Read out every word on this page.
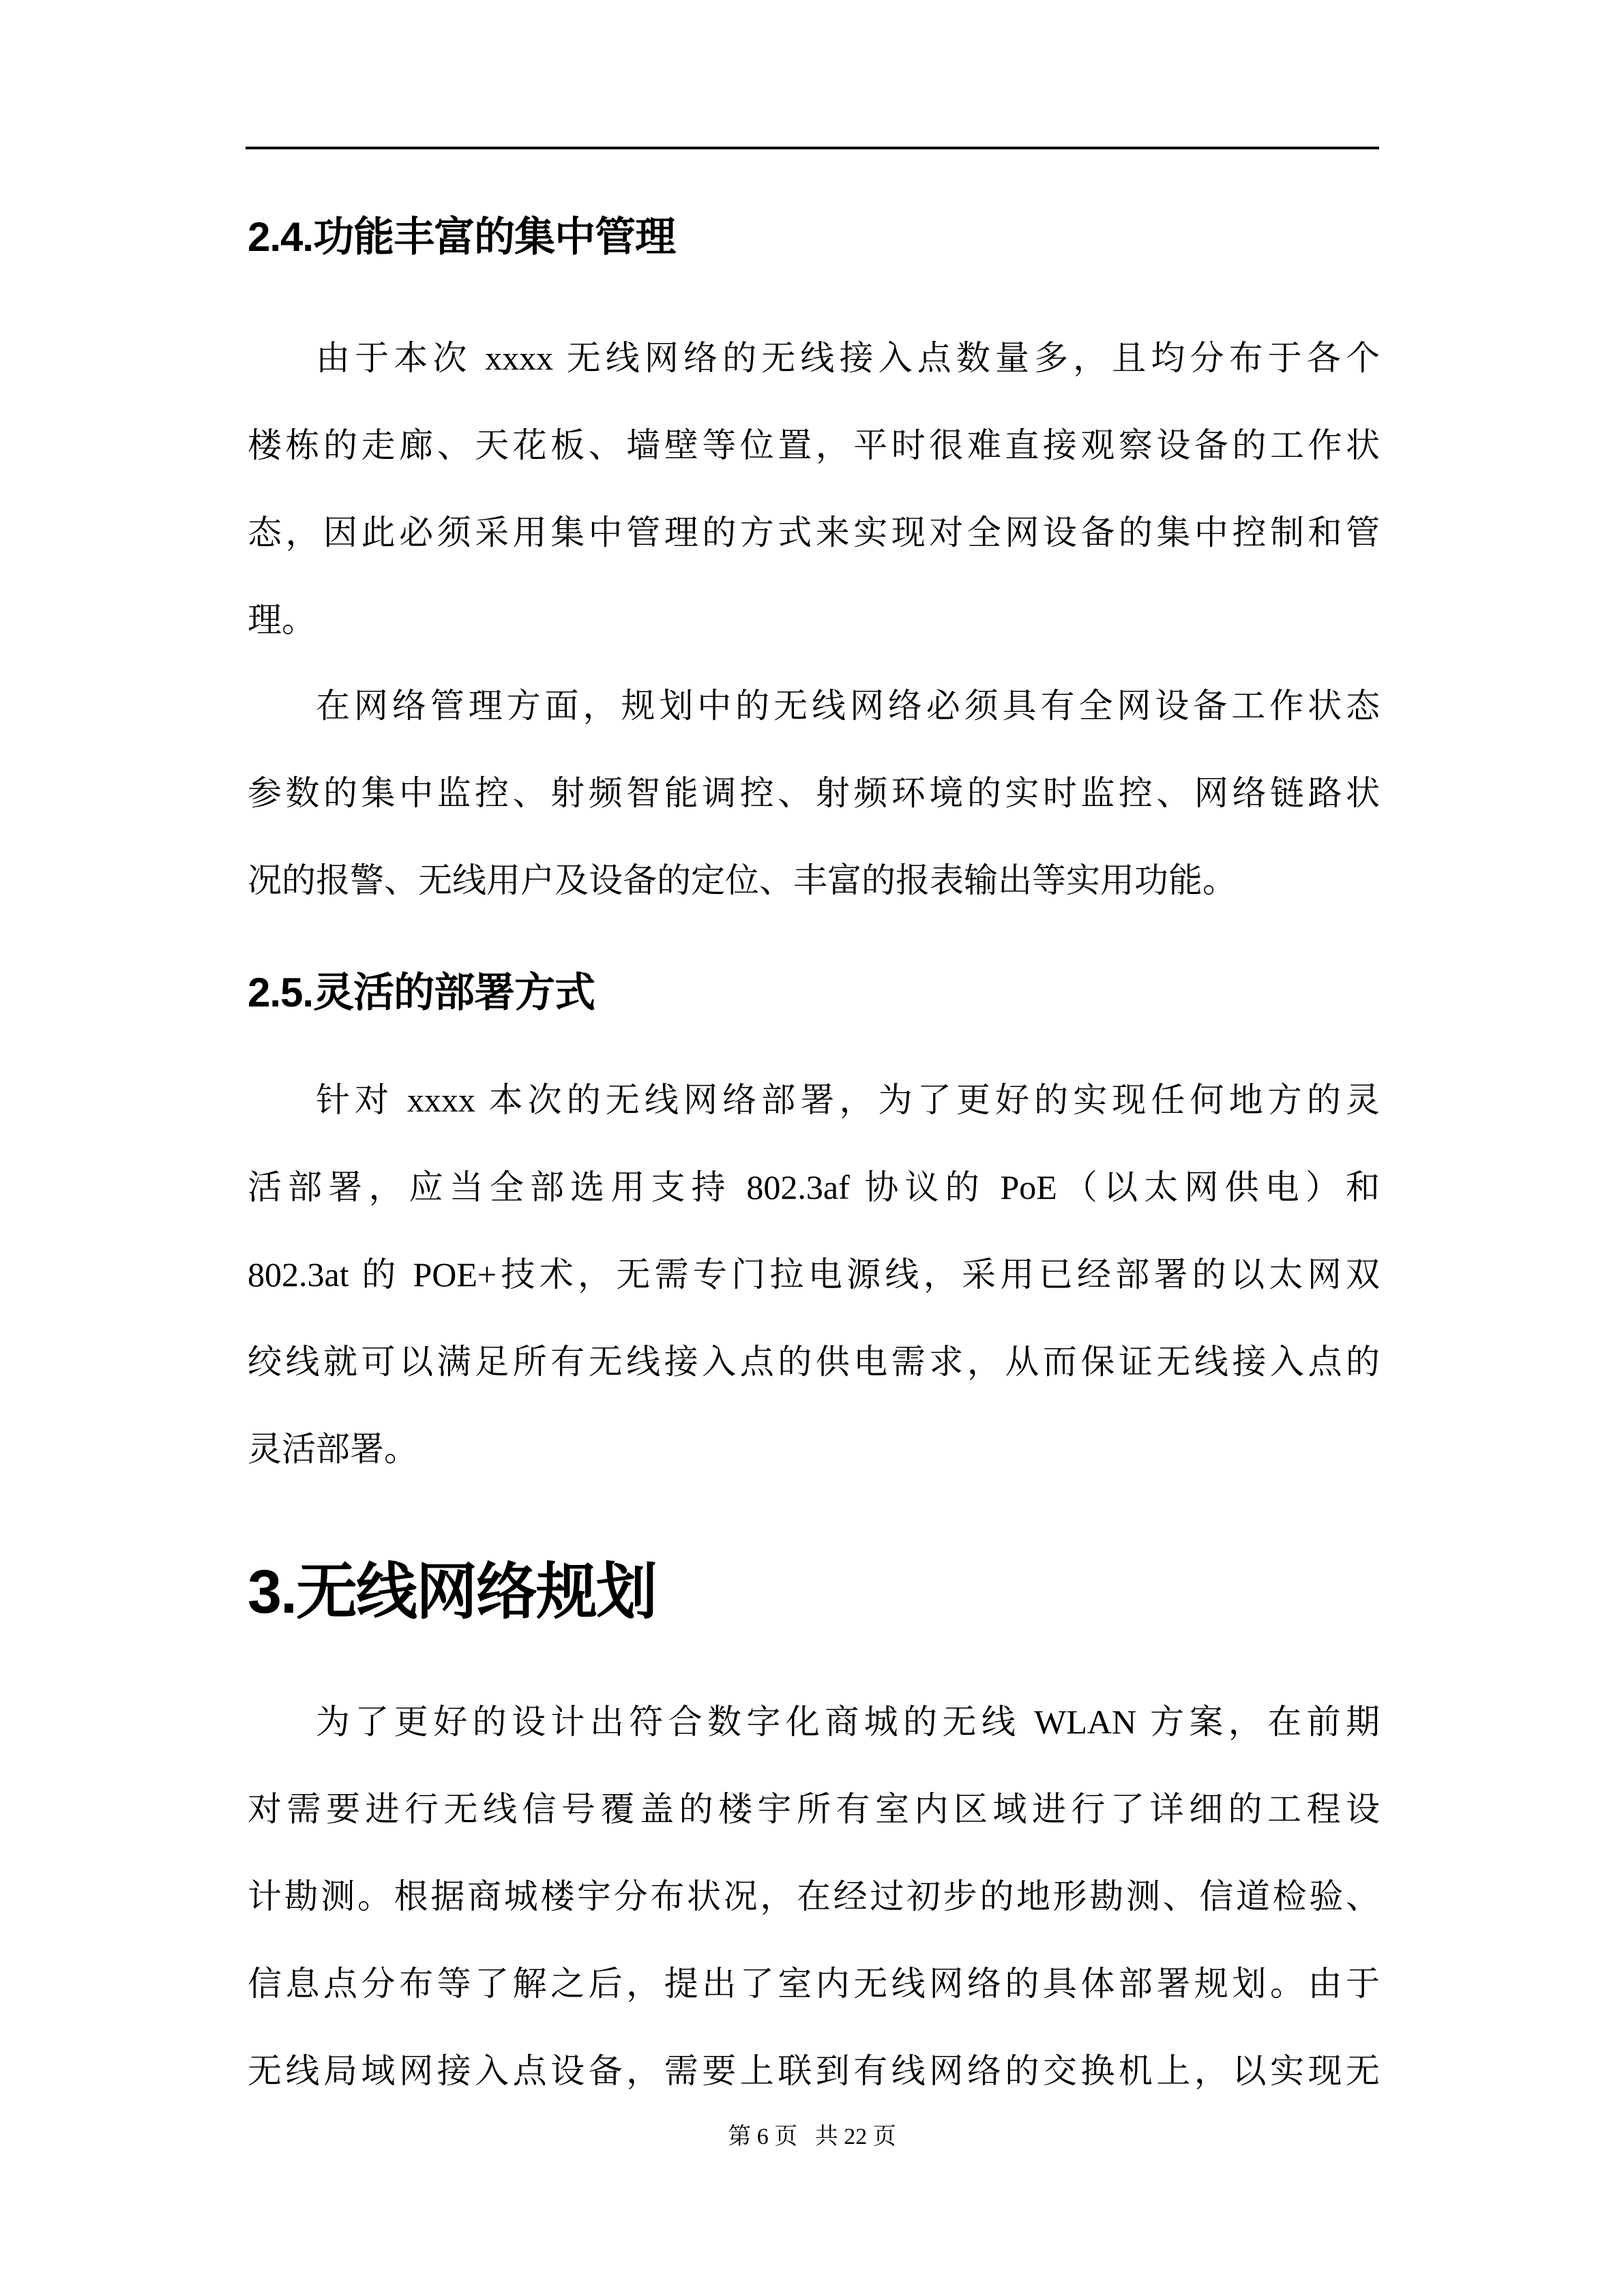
2.4.功能丰富的集中管理
由于本次 xxxx 无线网络的无线接入点数量多，且均分布于各个
楼栋的走廊、天花板、墙壁等位置，平时很难直接观察设备的工作状
态，因此必须采用集中管理的方式来实现对全网设备的集中控制和管
理。
在网络管理方面，规划中的无线网络必须具有全网设备工作状态
参数的集中监控、射频智能调控、射频环境的实时监控、网络链路状
况的报警、无线用户及设备的定位、丰富的报表输出等实用功能。
2.5.灵活的部署方式
针对 xxxx 本次的无线网络部署，为了更好的实现任何地方的灵
活部署，应当全部选用支持 802.3af 协议的 PoE（以太网供电）和
802.3at 的 POE+技术，无需专门拉电源线，采用已经部署的以太网双
绞线就可以满足所有无线接入点的供电需求，从而保证无线接入点的
灵活部署。
3.无线网络规划
为了更好的设计出符合数字化商城的无线 WLAN 方案，在前期
对需要进行无线信号覆盖的楼宇所有室内区域进行了详细的工程设
计勘测。根据商城楼宇分布状况，在经过初步的地形勘测、信道检验、
信息点分布等了解之后，提出了室内无线网络的具体部署规划。由于
无线局域网接入点设备，需要上联到有线网络的交换机上，以实现无
第 6 页   共 22 页
